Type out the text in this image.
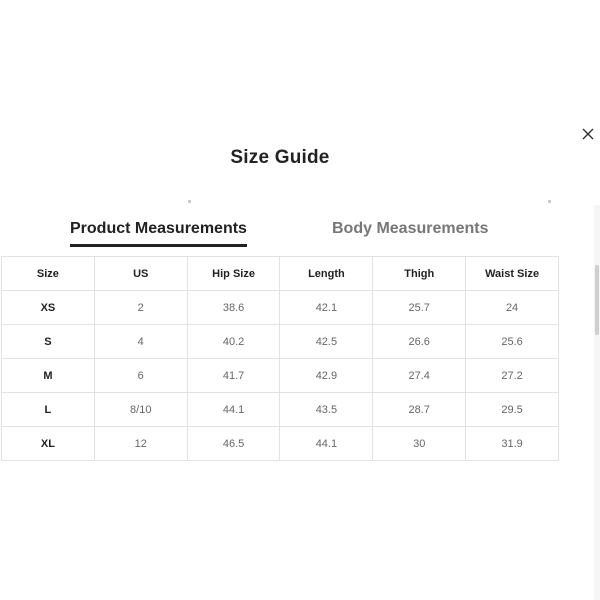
Size Guide
Product Measurements	Body Measurements
Size	US	Hip Size	Length	Thigh	Waist Size
XS	2	38.6	42.1	25.7	24
S	4	40.2	42.5	26.6	25.6
M	6	41.7	42.9	27.4	27.2
L	8/10	44.1	43.5	28.7	29.5
XL	12	46.5	44.1	30	31.9
